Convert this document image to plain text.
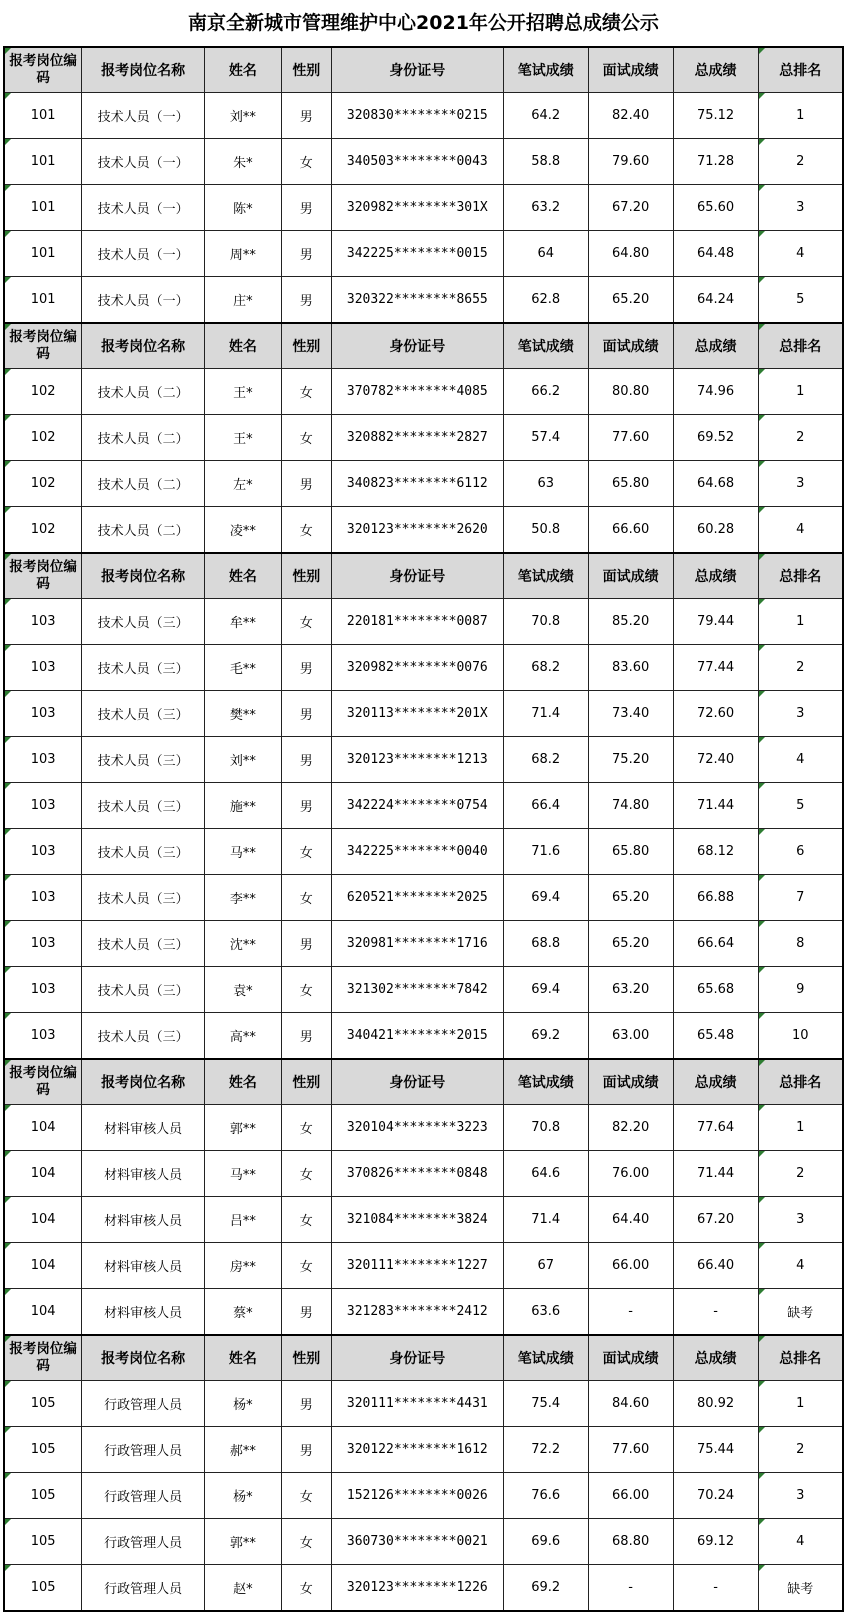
南京全新城市管理维护中心2021年公开招聘总成绩公示
报考岗位编码	报考岗位名称	姓名	性别	身份证号	笔试成绩	面试成绩	总成绩	总排名
101	技术人员（一）	刘**	男	320830********0215	64.2	82.40	75.12	1
101	技术人员（一）	朱*	女	340503********0043	58.8	79.60	71.28	2
101	技术人员（一）	陈*	男	320982********301X	63.2	67.20	65.60	3
101	技术人员（一）	周**	男	342225********0015	64	64.80	64.48	4
101	技术人员（一）	庄*	男	320322********8655	62.8	65.20	64.24	5
报考岗位编码	报考岗位名称	姓名	性别	身份证号	笔试成绩	面试成绩	总成绩	总排名
102	技术人员（二）	王*	女	370782********4085	66.2	80.80	74.96	1
102	技术人员（二）	王*	女	320882********2827	57.4	77.60	69.52	2
102	技术人员（二）	左*	男	340823********6112	63	65.80	64.68	3
102	技术人员（二）	凌**	女	320123********2620	50.8	66.60	60.28	4
报考岗位编码	报考岗位名称	姓名	性别	身份证号	笔试成绩	面试成绩	总成绩	总排名
103	技术人员（三）	牟**	女	220181********0087	70.8	85.20	79.44	1
103	技术人员（三）	毛**	男	320982********0076	68.2	83.60	77.44	2
103	技术人员（三）	樊**	男	320113********201X	71.4	73.40	72.60	3
103	技术人员（三）	刘**	男	320123********1213	68.2	75.20	72.40	4
103	技术人员（三）	施**	男	342224********0754	66.4	74.80	71.44	5
103	技术人员（三）	马**	女	342225********0040	71.6	65.80	68.12	6
103	技术人员（三）	李**	女	620521********2025	69.4	65.20	66.88	7
103	技术人员（三）	沈**	男	320981********1716	68.8	65.20	66.64	8
103	技术人员（三）	袁*	女	321302********7842	69.4	63.20	65.68	9
103	技术人员（三）	高**	男	340421********2015	69.2	63.00	65.48	10
报考岗位编码	报考岗位名称	姓名	性别	身份证号	笔试成绩	面试成绩	总成绩	总排名
104	材料审核人员	郭**	女	320104********3223	70.8	82.20	77.64	1
104	材料审核人员	马**	女	370826********0848	64.6	76.00	71.44	2
104	材料审核人员	吕**	女	321084********3824	71.4	64.40	67.20	3
104	材料审核人员	房**	女	320111********1227	67	66.00	66.40	4
104	材料审核人员	蔡*	男	321283********2412	63.6	-	-	缺考
报考岗位编码	报考岗位名称	姓名	性别	身份证号	笔试成绩	面试成绩	总成绩	总排名
105	行政管理人员	杨*	男	320111********4431	75.4	84.60	80.92	1
105	行政管理人员	郝**	男	320122********1612	72.2	77.60	75.44	2
105	行政管理人员	杨*	女	152126********0026	76.6	66.00	70.24	3
105	行政管理人员	郭**	女	360730********0021	69.6	68.80	69.12	4
105	行政管理人员	赵*	女	320123********1226	69.2	-	-	缺考
